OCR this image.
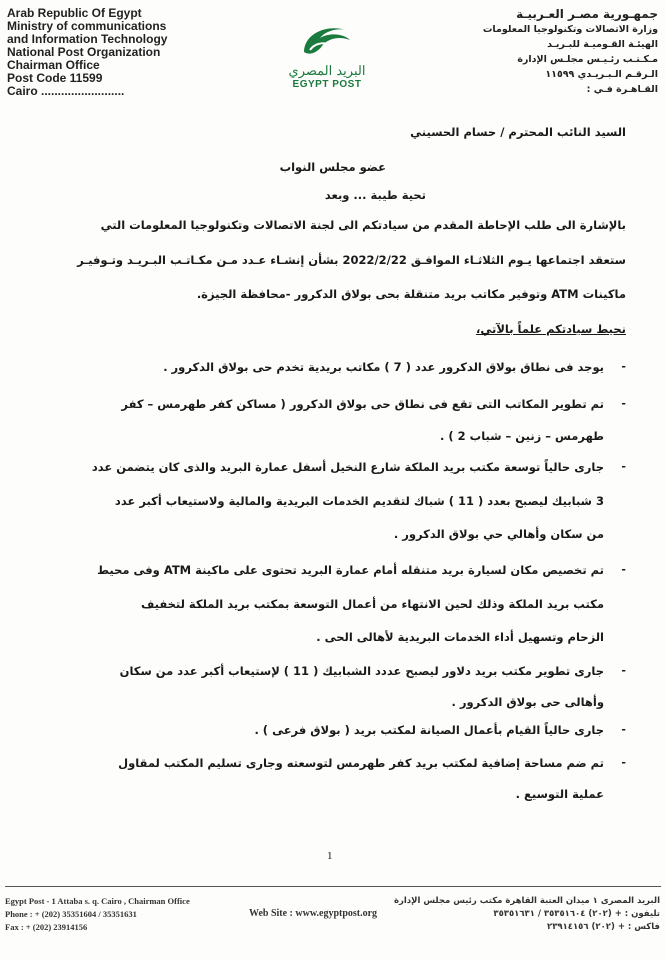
Arab Republic Of Egypt
Ministry of communications
and Information Technology
National Post Organization
Chairman Office
Post Code 11599
Cairo .........................
البريد المصري
EGYPT POST
جمهـورية مصـر العـربيـة
وزارة الاتصالات وتكنولوجيا المعلومات
الهيئـة القـوميـة للبـريـد
مـكـتـب رئـيـس مجلـس الإدارة
الـرقـم الـبـريـدي ١١٥٩٩
القـاهـرة فـي :
السيد النائب المحترم / حسام الحسيني
عضو مجلس النواب
تحية طيبة ... وبعد
بالإشارة الى طلب الإحاطة المقدم من سيادتكم الى لجنة الاتصالات وتكنولوجيا المعلومات التي
ستعقد اجتماعها يـوم الثلاثـاء الموافـق 2022/2/22 بشأن إنشـاء عـدد مـن مكـاتـب البـريـد وتـوفيـر
ماكينات ATM وتوفير مكاتب بريد متنقلة بحى بولاق الدكرور -محافظة الجيزة.
نحيط سيادتكم علماً بالآتي،
-
يوجد فى نطاق بولاق الدكرور عدد ( 7 ) مكاتب بريدية تخدم حى بولاق الدكرور .
-
تم تطوير المكاتب التى تقع فى نطاق حى بولاق الدكرور ( مساكن كفر طهرمس – كفر
طهرمس – زنين – شباب 2 ) .
-
جارى حالياً توسعة مكتب بريد الملكة شارع النخيل أسفل عمارة البريد والذى كان يتضمن عدد
3 شبابيك ليصبح بعدد ( 11 ) شباك لتقديم الخدمات البريدية والمالية ولاستيعاب أكبر عدد
من سكان وأهالي حي بولاق الدكرور .
-
تم تخصيص مكان لسيارة بريد متنقله أمام عمارة البريد تحتوى على ماكينة ATM وفى محيط
مكتب بريد الملكة وذلك لحين الانتهاء من أعمال التوسعة بمكتب بريد الملكة لتخفيف
الزحام وتسهيل أداء الخدمات البريدية لأهالى الحى .
-
جارى تطوير مكتب بريد دلاور ليصبح عددد الشبابيك ( 11 ) لإستيعاب أكبر عدد من سكان
وأهالى حى بولاق الدكرور .
-
جارى حالياً القيام بأعمال الصيانة لمكتب بريد ( بولاق فرعى ) .
-
تم ضم مساحة إضافية لمكتب بريد كفر طهرمس لتوسعته وجارى تسليم المكتب لمقاول
عملية التوسيع .
1
Egypt Post - 1 Attaba s. q. Cairo , Chairman Office
Phone : + (202) 35351604 / 35351631
Fax : + (202) 23914156
Web Site : www.egyptpost.org
البريد المصرى ١ ميدان العتبة القاهرة مكتب رئيس مجلس الإدارة
تليفون : + (٢٠٢) ٣٥٣٥١٦٠٤ / ٣٥٣٥١٦٣١
فاكس : + (٢٠٢) ٢٣٩١٤١٥٦
